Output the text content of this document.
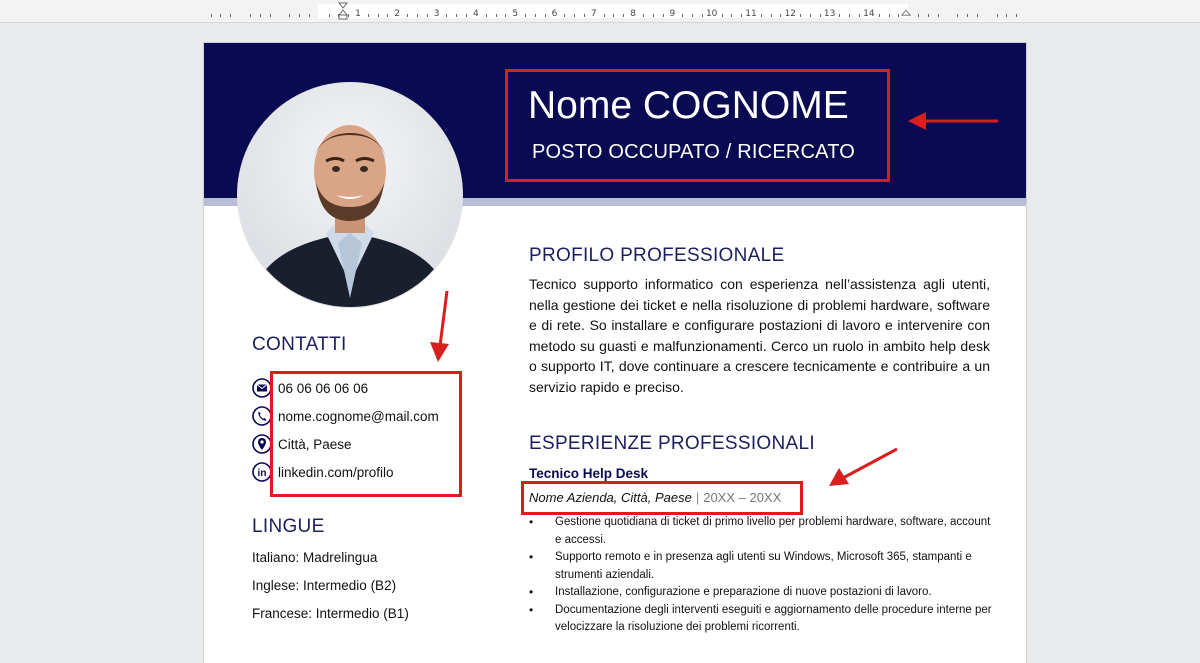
1	2	3	4	5	6	7	8	9	10	11	12	13	14
Nome COGNOME
POSTO OCCUPATO / RICERCATO
CONTATTI
06 06 06 06 06
nome.cognome@mail.com
Città, Paese
in linkedin.com/profilo
LINGUE
Italiano: Madrelingua
Inglese: Intermedio (B2)
Francese: Intermedio (B1)
PROFILO PROFESSIONALE
Tecnico supporto informatico con esperienza nell’assistenza agli utenti, nella gestione dei ticket e nella risoluzione di problemi hardware, software e di rete. So installare e configurare postazioni di lavoro e intervenire con metodo su guasti e malfunzionamenti. Cerco un ruolo in ambito help desk o supporto IT, dove continuare a crescere tecnicamente e contribuire a un servizio rapido e preciso.
ESPERIENZE PROFESSIONALI
Tecnico Help Desk
Nome Azienda, Città, Paese | 20XX – 20XX
• Gestione quotidiana di ticket di primo livello per problemi hardware, software, account e accessi.
• Supporto remoto e in presenza agli utenti su Windows, Microsoft 365, stampanti e strumenti aziendali.
• Installazione, configurazione e preparazione di nuove postazioni di lavoro.
• Documentazione degli interventi eseguiti e aggiornamento delle procedure interne per velocizzare la risoluzione dei problemi ricorrenti.
